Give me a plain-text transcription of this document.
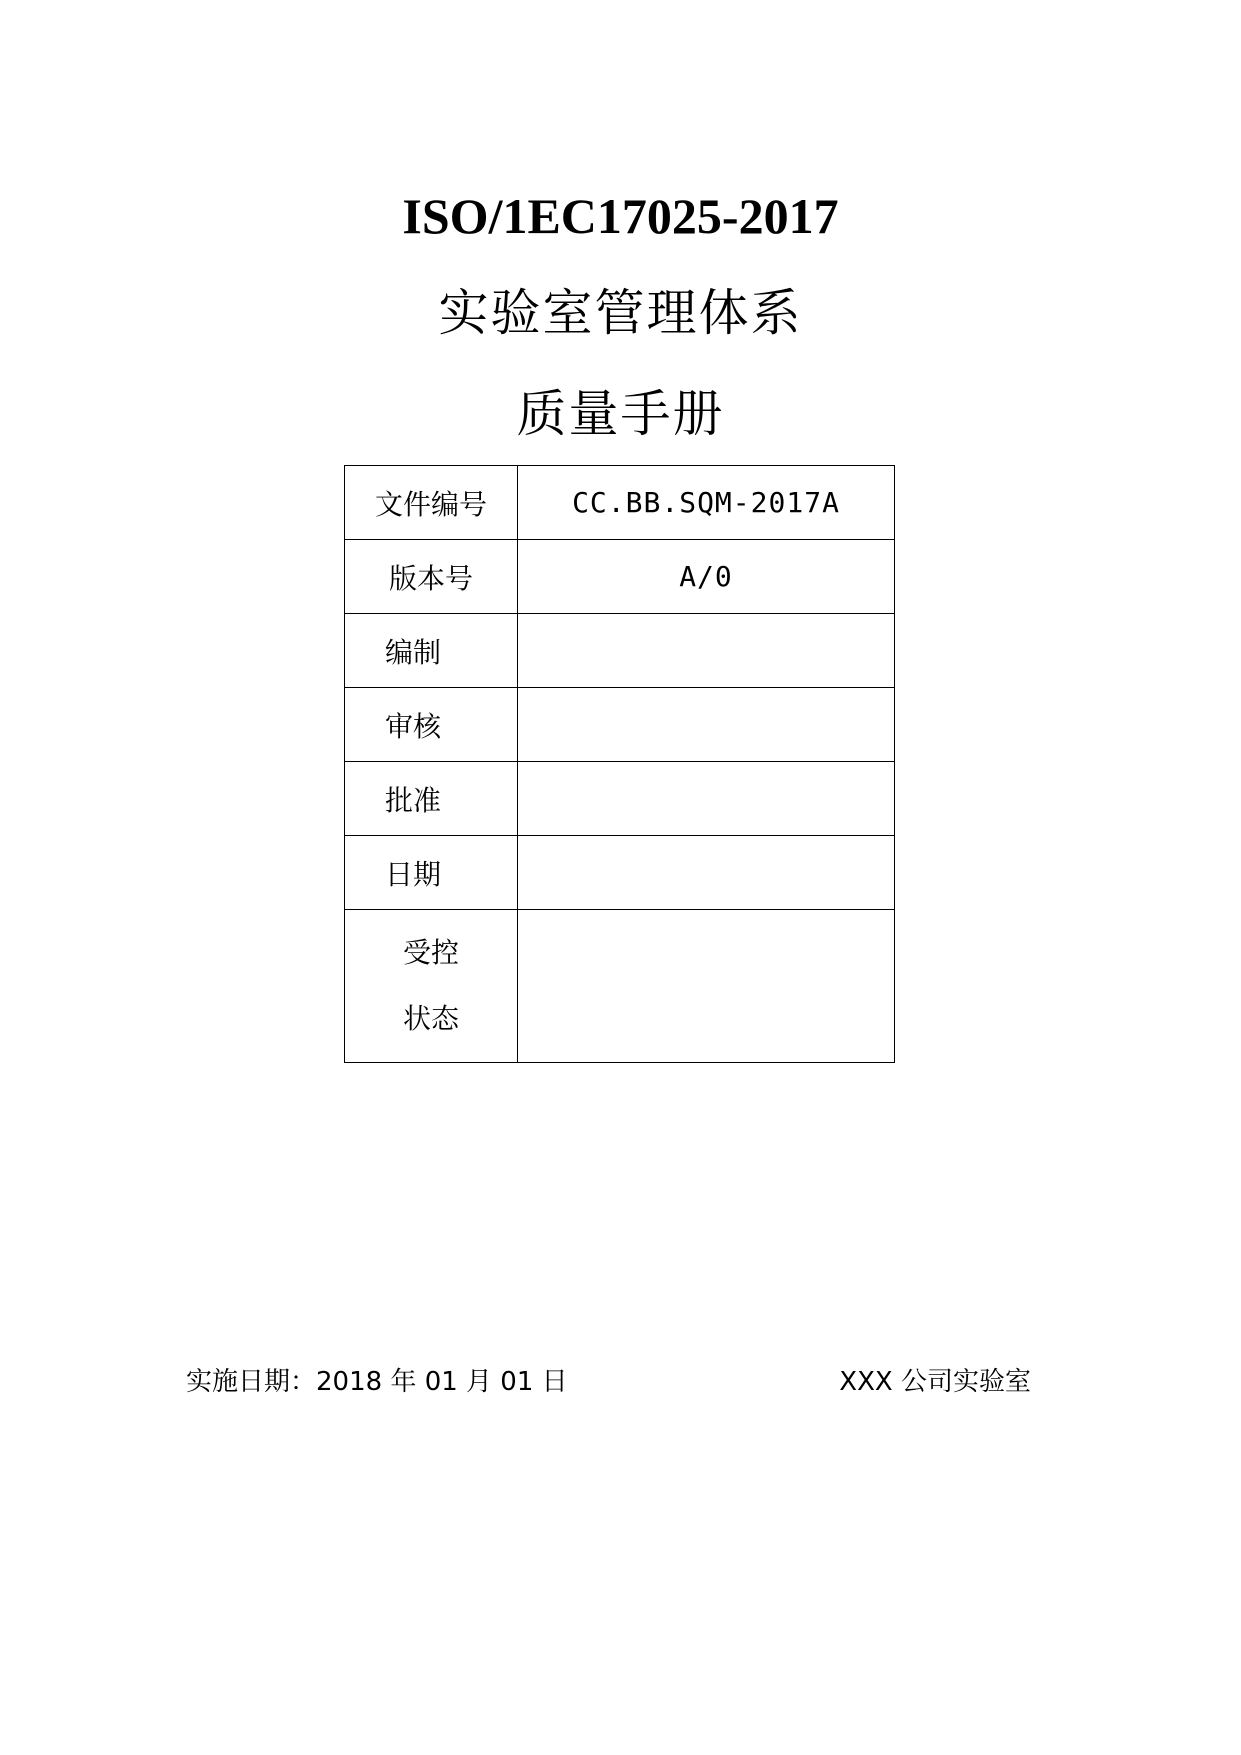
ISO/1EC17025-2017
实验室管理体系
质量手册
文件编号	CC.BB.SQM-2017A
版本号	A/0
编制	
审核	
批准	
日期	

受控
状态	

实施日期：2018 年 01 月 01 日	XXX 公司实验室
